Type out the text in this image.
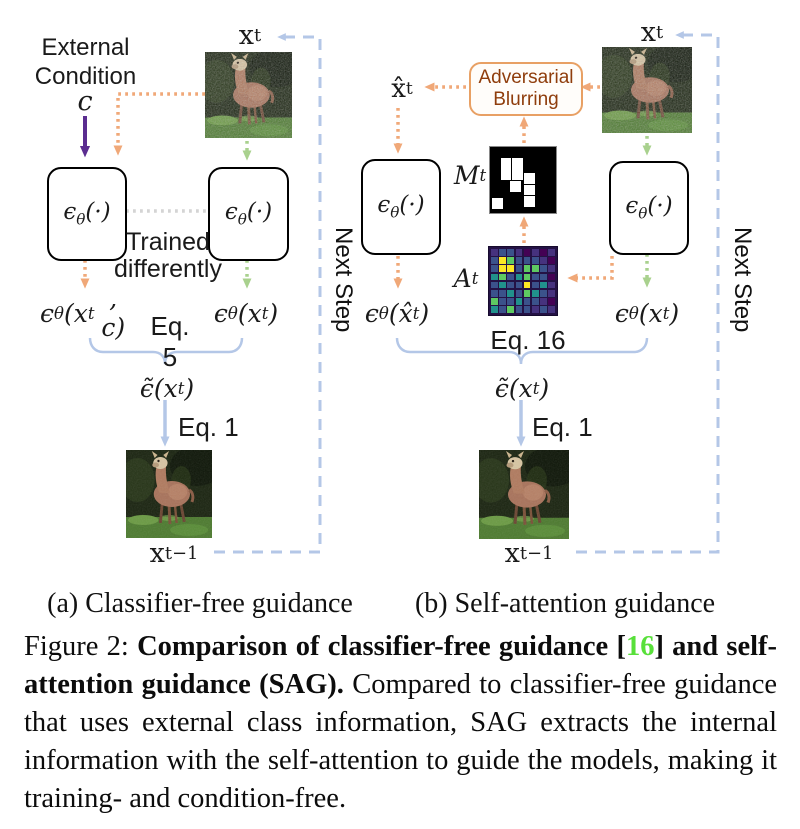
External
Condition
c
x t
$\epsilon_\theta(\cdot)$	$\epsilon_\theta(\cdot)$
Trained
differently
ϵ θ (x t , c)	ϵ θ (x t )
Eq. 5
ϵ̃(x t )
Eq. 1
x t−1
Next Step
x̂ t
Adversarial
Blurring
x t
M t
A t
$\epsilon_\theta(\cdot)$	$\epsilon_\theta(\cdot)$
ϵ θ (x̂ t )	ϵ θ (x t )
Eq. 16
ϵ̃(x t )
Eq. 1
x t−1
Next Step
(a) Classifier-free guidance	(b) Self-attention guidance
Figure 2: Comparison of classifier-free guidance [16] and self-attention guidance (SAG). Compared to classifier-free guidance that uses external class information, SAG extracts the internal information with the self-attention to guide the models, making it training- and condition-free.
